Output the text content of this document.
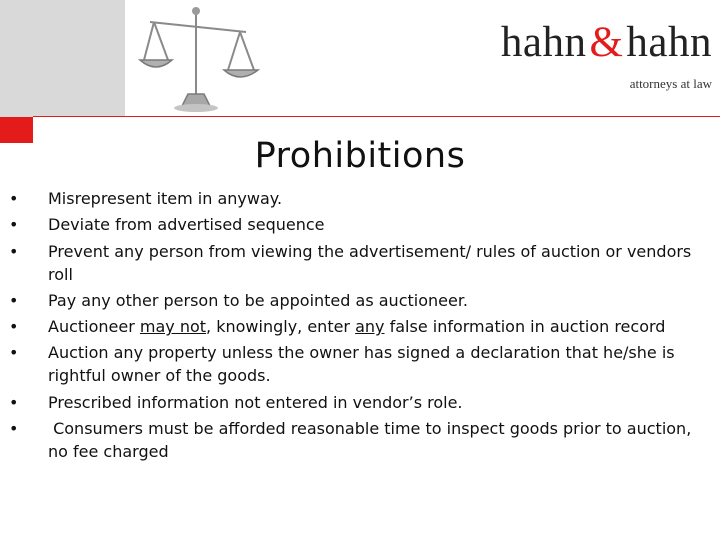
hahn&hahn
attorneys at law
Prohibitions
• Misrepresent item in anyway.
• Deviate from advertised sequence
• Prevent any person from viewing the advertisement/ rules of auction or vendors roll
• Pay any other person to be appointed as auctioneer.
• Auctioneer may not, knowingly, enter any false information in auction record
• Auction any property unless the owner has signed a declaration that he/she is rightful owner of the goods.
• Prescribed information not entered in vendor’s role.
•  Consumers must be afforded reasonable time to inspect goods prior to auction, no fee charged
